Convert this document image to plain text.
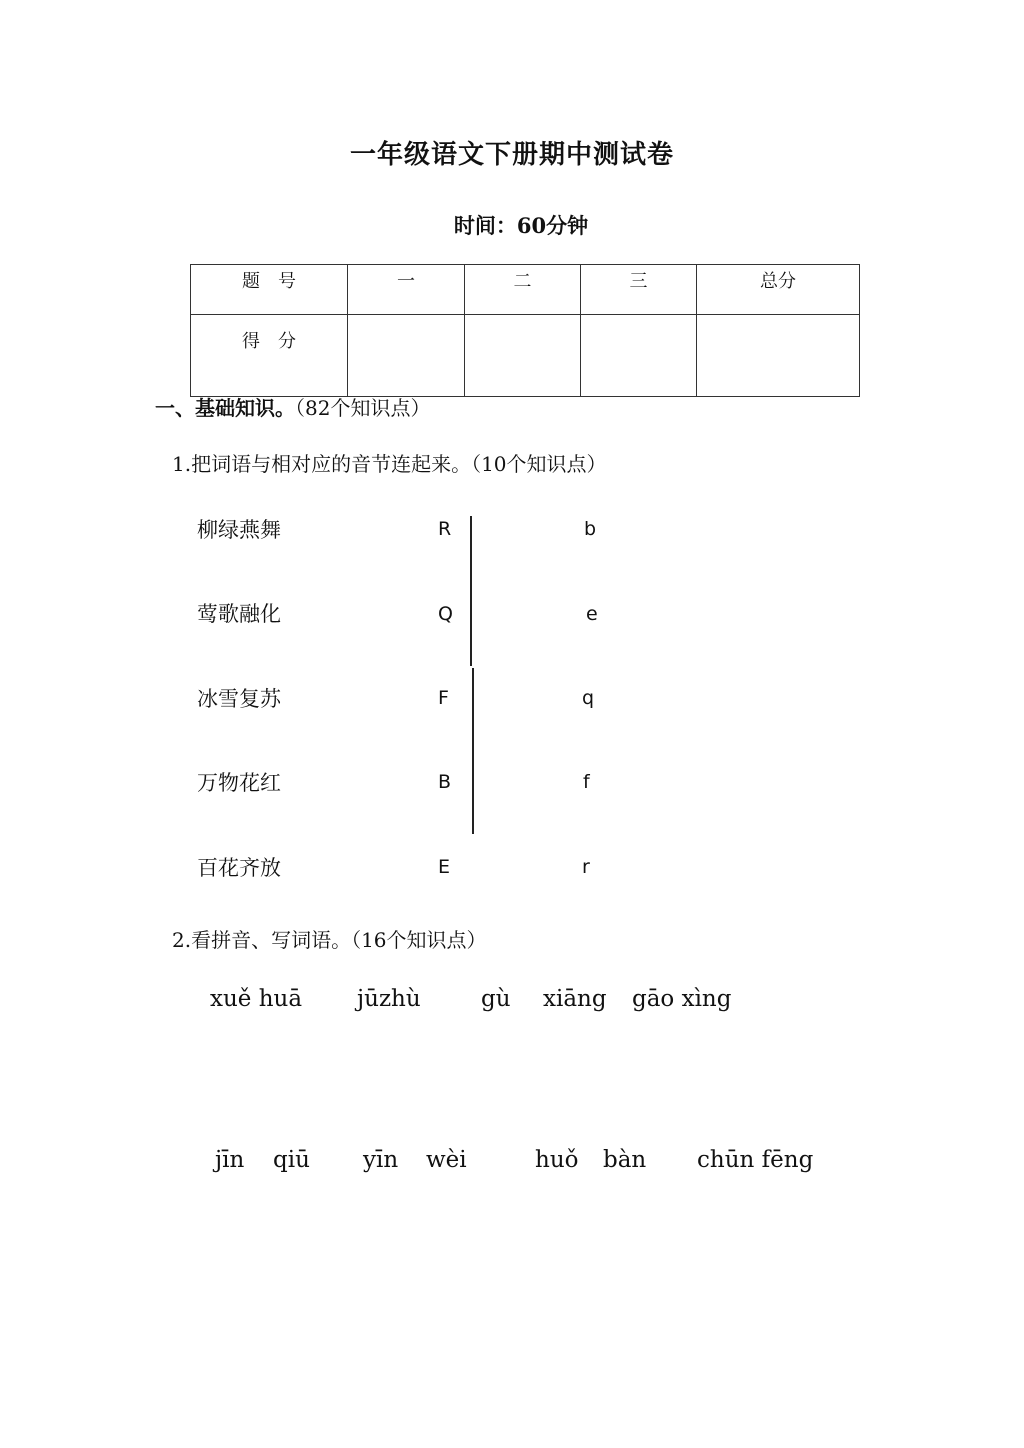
一年级语文下册期中测试卷
时间：60分钟
题　号	一	二	三	总分
得　分				
一、基础知识。（82个知识点）
1.把词语与相对应的音节连起来。（10个知识点）
柳绿燕舞
莺歌融化
冰雪复苏
万物花红
百花齐放
R
Q
F
B
E
b
e
q
f
r
2.看拼音、写词语。（16个知识点）
xuě huā jūzhù	gù xiāng gāo xìng
jīn qiū yīn wèi	huǒ bàn chūn fēng
